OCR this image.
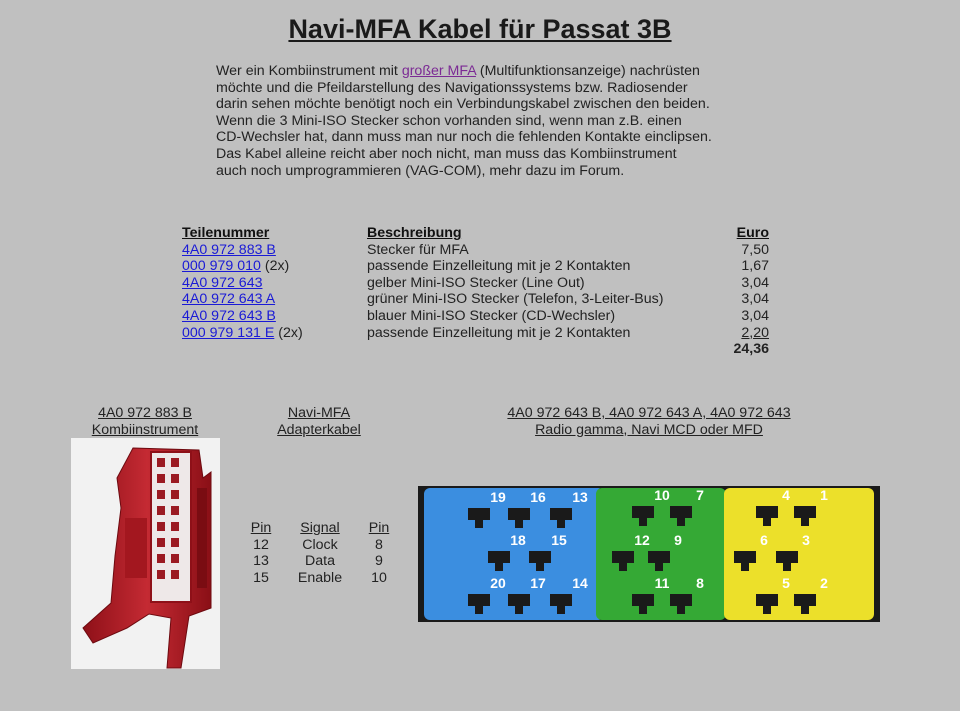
Navi-MFA Kabel für Passat 3B
Wer ein Kombiinstrument mit großer MFA (Multifunktionsanzeige) nachrüsten
möchte und die Pfeildarstellung des Navigationssystems bzw. Radiosender
darin sehen möchte benötigt noch ein Verbindungskabel zwischen den beiden.
Wenn die 3 Mini-ISO Stecker schon vorhanden sind, wenn man z.B. einen
CD-Wechsler hat, dann muss man nur noch die fehlenden Kontakte einclipsen.
Das Kabel alleine reicht aber noch nicht, man muss das Kombiinstrument
auch noch umprogrammieren (VAG-COM), mehr dazu im Forum.
Teilenummer	Beschreibung	Euro
4A0 972 883 B	Stecker für MFA	7,50
000 979 010 (2x)	passende Einzelleitung mit je 2 Kontakten	1,67
4A0 972 643	gelber Mini-ISO Stecker (Line Out)	3,04
4A0 972 643 A	grüner Mini-ISO Stecker (Telefon, 3-Leiter-Bus)	3,04
4A0 972 643 B	blauer Mini-ISO Stecker (CD-Wechsler)	3,04
000 979 131 E (2x)	passende Einzelleitung mit je 2 Kontakten	2,20
24,36
4A0 972 883 B
Kombiinstrument
Navi-MFA
Adapterkabel
4A0 972 643 B, 4A0 972 643 A, 4A0 972 643
Radio gamma, Navi MCD oder MFD
Pin	Signal	Pin
12	Clock	8
13	Data	9
15	Enable	10
19 16 13
18 15
20 17 14
10 7
12 9
11 8
4 1
6 3
5 2
